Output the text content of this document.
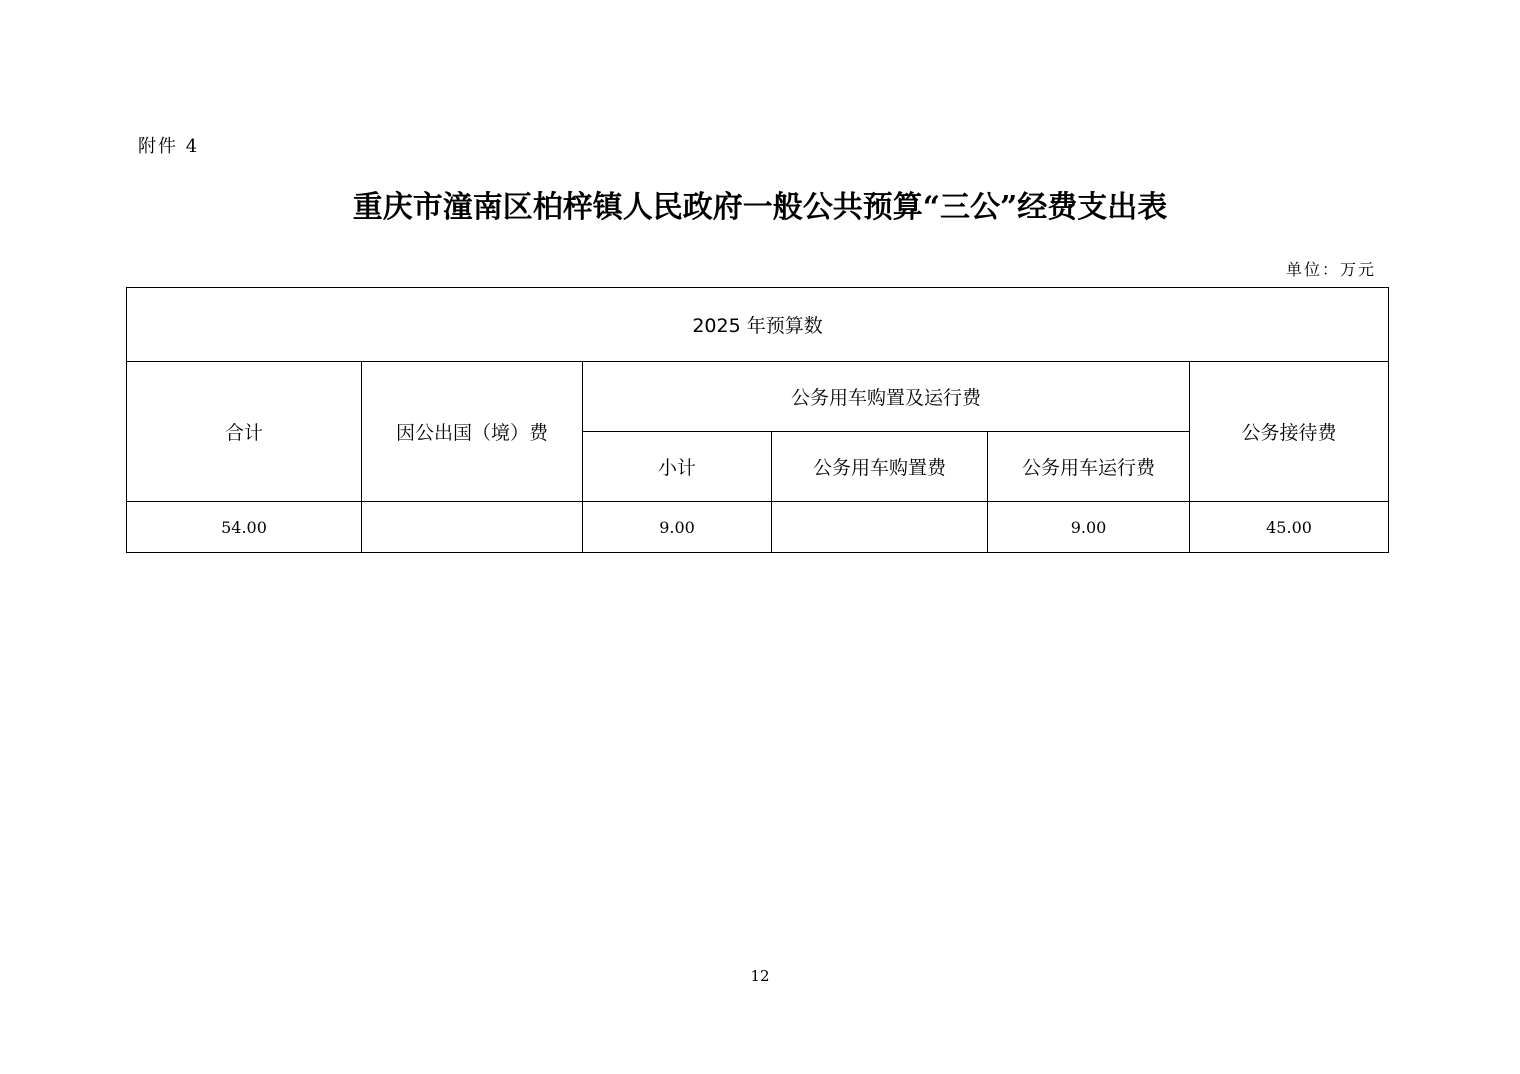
附件 4
重庆市潼南区柏梓镇人民政府一般公共预算“三公”经费支出表
单位：万元
2025 年预算数					
合计	因公出国（境）费	公务用车购置及运行费			公务接待费
		小计	公务用车购置费	公务用车运行费	
54.00		9.00		9.00	45.00
12
